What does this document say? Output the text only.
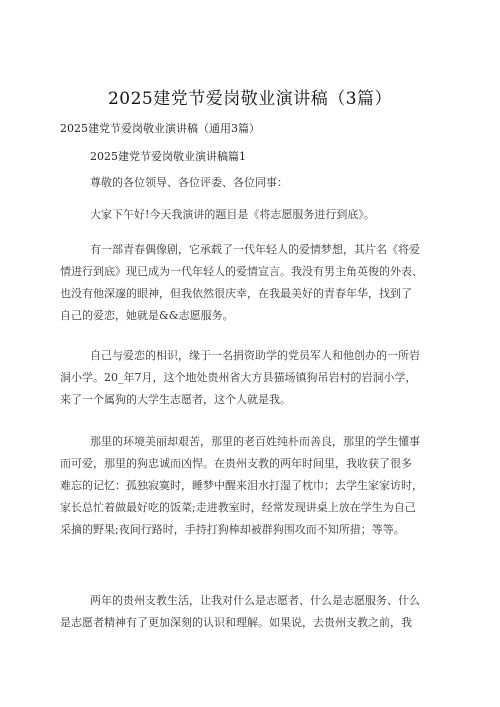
2025建党节爱岗敬业演讲稿（3篇）
2025建党节爱岗敬业演讲稿（通用3篇）
2025建党节爱岗敬业演讲稿篇1
尊敬的各位领导、各位评委、各位同事：
大家下午好!今天我演讲的题目是《将志愿服务进行到底》。
有一部青春偶像剧，它承载了一代年轻人的爱情梦想，其片名《将爱
情进行到底》现已成为一代年轻人的爱情宣言。我没有男主角英俊的外表、
也没有他深邃的眼神，但我依然很庆幸，在我最美好的青春年华，找到了
自己的爱恋，她就是&&志愿服务。
自己与爱恋的相识，缘于一名捐资助学的党员军人和他创办的一所岩
洞小学。20_年7月，这个地处贵州省大方县猫场镇狗吊岩村的岩洞小学，
来了一个属狗的大学生志愿者，这个人就是我。
那里的环境美丽却艰苦，那里的老百姓纯朴而善良，那里的学生懂事
而可爱，那里的狗忠诚而凶悍。在贵州支教的两年时间里，我收获了很多
难忘的记忆：孤独寂寞时，睡梦中醒来泪水打湿了枕巾；去学生家家访时，
家长总忙着做最好吃的饭菜;走进教室时，经常发现讲桌上放在学生为自己
采摘的野果;夜间行路时，手持打狗棒却被群狗围攻而不知所措；等等。
两年的贵州支教生活，让我对什么是志愿者、什么是志愿服务、什么
是志愿者精神有了更加深刻的认识和理解。如果说，去贵州支教之前，我
